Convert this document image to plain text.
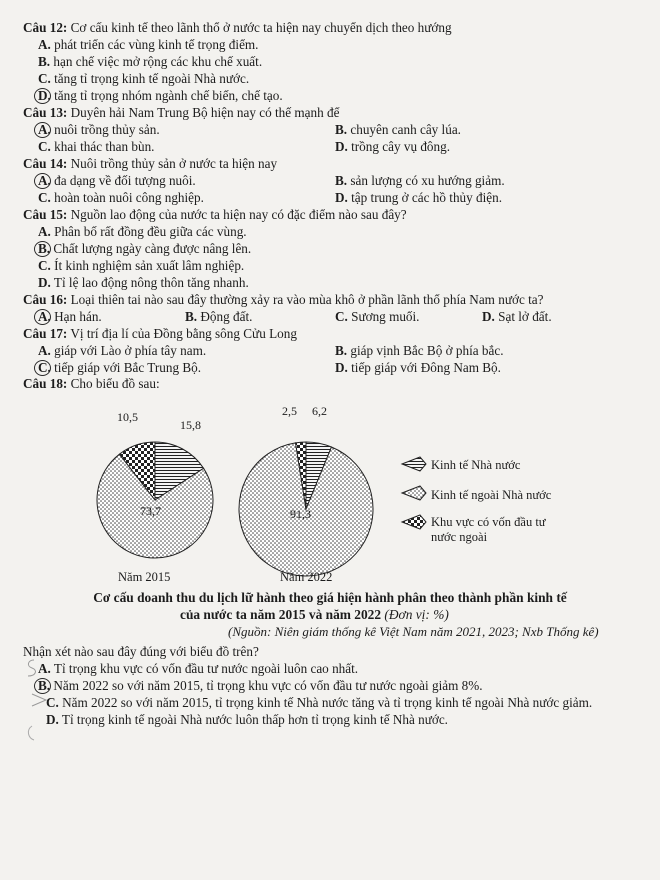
Câu 12: Cơ cấu kinh tế theo lãnh thổ ở nước ta hiện nay chuyển dịch theo hướng
A. phát triển các vùng kinh tế trọng điểm.
B. hạn chế việc mở rộng các khu chế xuất.
C. tăng tỉ trọng kinh tế ngoài Nhà nước.
D. tăng tỉ trọng nhóm ngành chế biến, chế tạo.
Câu 13: Duyên hải Nam Trung Bộ hiện nay có thế mạnh để
A. nuôi trồng thủy sản.	B. chuyên canh cây lúa.
C. khai thác than bùn.	D. trồng cây vụ đông.
Câu 14: Nuôi trồng thủy sản ở nước ta hiện nay
A. đa dạng về đối tượng nuôi.	B. sản lượng có xu hướng giảm.
C. hoàn toàn nuôi công nghiệp.	D. tập trung ở các hồ thủy điện.
Câu 15: Nguồn lao động của nước ta hiện nay có đặc điểm nào sau đây?
A. Phân bố rất đồng đều giữa các vùng.
B. Chất lượng ngày càng được nâng lên.
C. Ít kinh nghiệm sản xuất lâm nghiệp.
D. Tỉ lệ lao động nông thôn tăng nhanh.
Câu 16: Loại thiên tai nào sau đây thường xảy ra vào mùa khô ở phần lãnh thổ phía Nam nước ta?
A. Hạn hán.	B. Động đất.	C. Sương muối.	D. Sạt lở đất.
Câu 17: Vị trí địa lí của Đồng bằng sông Cửu Long
A. giáp với Lào ở phía tây nam.	B. giáp vịnh Bắc Bộ ở phía bắc.
C. tiếp giáp với Bắc Trung Bộ.	D. tiếp giáp với Đông Nam Bộ.
Câu 18: Cho biểu đồ sau:
15,8
73,7
10,5	6,2
91,3
2,5
Kinh tế Nhà nước
Kinh tế ngoài Nhà nước
Khu vực có vốn đầu tư
nước ngoài
Năm 2015	Năm 2022
Cơ cấu doanh thu du lịch lữ hành theo giá hiện hành phân theo thành phần kinh tế
của nước ta năm 2015 và năm 2022 (Đơn vị: %)
(Nguồn: Niên giám thống kê Việt Nam năm 2021, 2023; Nxb Thống kê)
Nhận xét nào sau đây đúng với biểu đồ trên?
A. Tỉ trọng khu vực có vốn đầu tư nước ngoài luôn cao nhất.
B. Năm 2022 so với năm 2015, tỉ trọng khu vực có vốn đầu tư nước ngoài giảm 8%.
C. Năm 2022 so với năm 2015, tỉ trọng kinh tế Nhà nước tăng và tỉ trọng kinh tế ngoài Nhà nước giảm.
D. Tỉ trọng kinh tế ngoài Nhà nước luôn thấp hơn tỉ trọng kinh tế Nhà nước.
